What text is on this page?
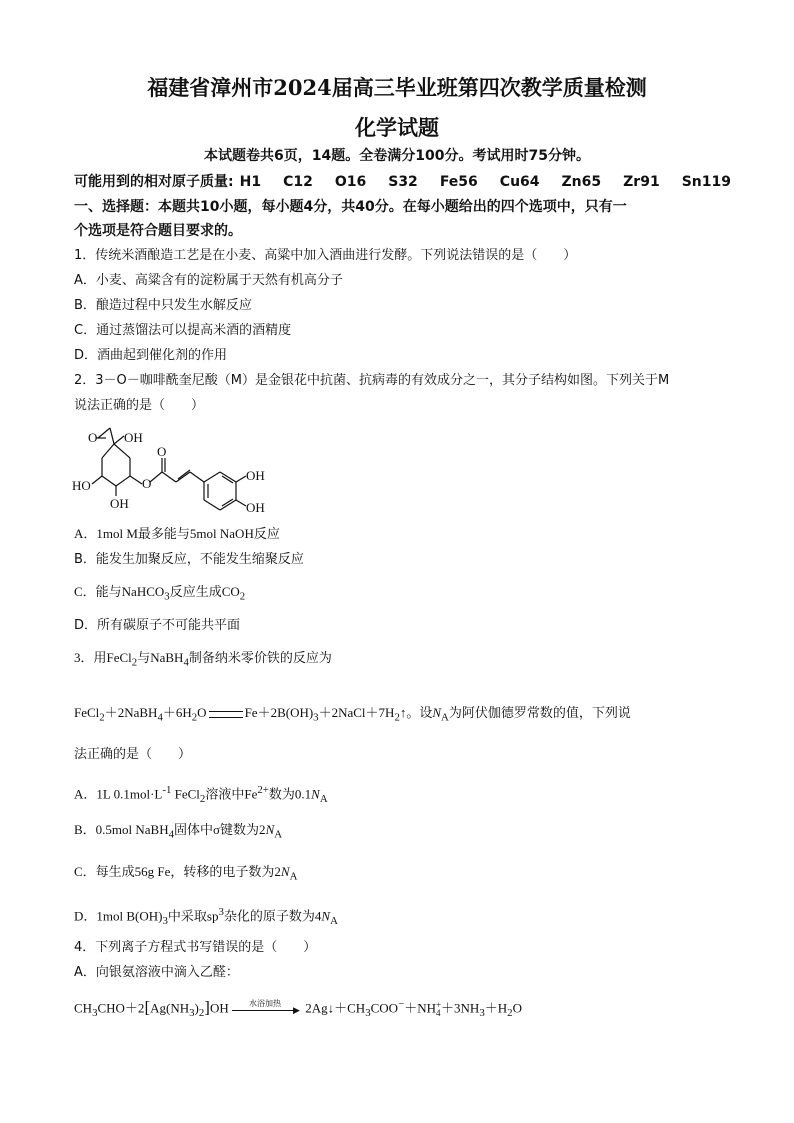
福建省漳州市2024届高三毕业班第四次教学质量检测
化学试题
本试题卷共6页，14题。全卷满分100分。考试用时75分钟。
可能用到的相对原子质量: H1 C12 O16 S32 Fe56 Cu64 Zn65 Zr91 Sn119
一、选择题：本题共10小题，每小题4分，共40分。在每小题给出的四个选项中，只有一
个选项是符合题目要求的。
1．传统米酒酿造工艺是在小麦、高粱中加入酒曲进行发酵。下列说法错误的是（　　）
A．小麦、高粱含有的淀粉属于天然有机高分子
B．酿造过程中只发生水解反应
C．通过蒸馏法可以提高米酒的酒精度
D．酒曲起到催化剂的作用
2．3－O－咖啡酰奎尼酸（M）是金银花中抗菌、抗病毒的有效成分之一，其分子结构如图。下列关于M
说法正确的是（　　）
O OH
O
OH
HO
OH
O
OH
A．1mol M最多能与5mol NaOH反应
B．能发生加聚反应，不能发生缩聚反应
C．能与NaHCO$_3$反应生成$CO_2$
D．所有碳原子不可能共平面
3．用FeCl$_2$与NaBH$_4$制备纳米零价铁的反应为
$FeCl_2+2NaBH_4+6H_2O$	$Fe+2B(OH)_3+2NaCl+7H_2↑$。设$N_A$为阿伏伽德罗常数的值，下列说
法正确的是（　　）
A．1L $0.1mol\cdot L^{-1}$ FeCl$_2$溶液中$Fe^{2+}$数为$0.1N_A$
B．0.5mol NaBH$_4$固体中σ键数为$2N_A$
C．每生成56g Fe，转移的电子数为$2N_A$
D．1mol $B(OH)_3$中采取$sp^3$杂化的原子数为$4N_A$
4．下列离子方程式书写错误的是（　　）
A．向银氨溶液中滴入乙醛：
$CH_3CHO+2[Ag(NH_3)_2]OH$	水浴加热
▶ $2Ag↓+CH_3COO^-+NH$ +
$4 +3NH_3+H_2O$
